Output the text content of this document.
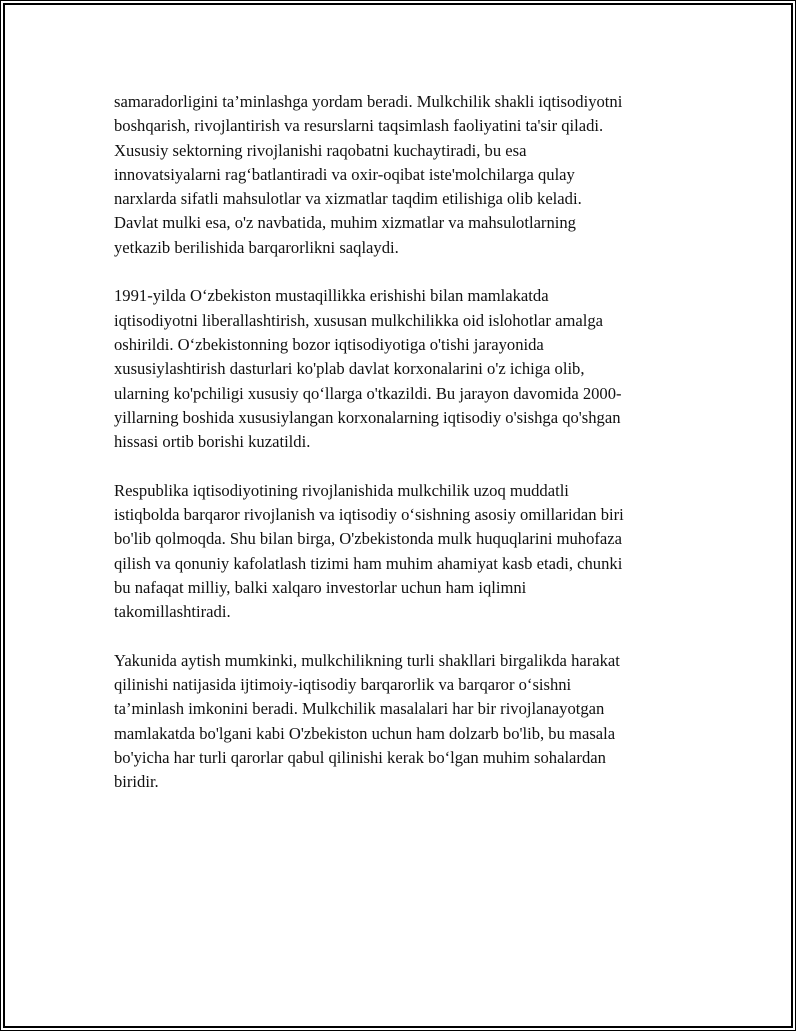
samaradorligini ta’minlashga yordam beradi. Mulkchilik shakli iqtisodiyotni
boshqarish, rivojlantirish va resurslarni taqsimlash faoliyatini ta'sir qiladi.
Xususiy sektorning rivojlanishi raqobatni kuchaytiradi, bu esa
innovatsiyalarni rag‘batlantiradi va oxir-oqibat iste'molchilarga qulay
narxlarda sifatli mahsulotlar va xizmatlar taqdim etilishiga olib keladi.
Davlat mulki esa, o'z navbatida, muhim xizmatlar va mahsulotlarning
yetkazib berilishida barqarorlikni saqlaydi.
1991-yilda O‘zbekiston mustaqillikka erishishi bilan mamlakatda
iqtisodiyotni liberallashtirish, xususan mulkchilikka oid islohotlar amalga
oshirildi. O‘zbekistonning bozor iqtisodiyotiga o'tishi jarayonida
xususiylashtirish dasturlari ko'plab davlat korxonalarini o'z ichiga olib,
ularning ko'pchiligi xususiy qo‘llarga o'tkazildi. Bu jarayon davomida 2000-
yillarning boshida xususiylangan korxonalarning iqtisodiy o'sishga qo'shgan
hissasi ortib borishi kuzatildi.
Respublika iqtisodiyotining rivojlanishida mulkchilik uzoq muddatli
istiqbolda barqaror rivojlanish va iqtisodiy o‘sishning asosiy omillaridan biri
bo'lib qolmoqda. Shu bilan birga, O'zbekistonda mulk huquqlarini muhofaza
qilish va qonuniy kafolatlash tizimi ham muhim ahamiyat kasb etadi, chunki
bu nafaqat milliy, balki xalqaro investorlar uchun ham iqlimni
takomillashtiradi.
Yakunida aytish mumkinki, mulkchilikning turli shakllari birgalikda harakat
qilinishi natijasida ijtimoiy-iqtisodiy barqarorlik va barqaror o‘sishni
ta’minlash imkonini beradi. Mulkchilik masalalari har bir rivojlanayotgan
mamlakatda bo'lgani kabi O'zbekiston uchun ham dolzarb bo'lib, bu masala
bo'yicha har turli qarorlar qabul qilinishi kerak bo‘lgan muhim sohalardan
biridir.
